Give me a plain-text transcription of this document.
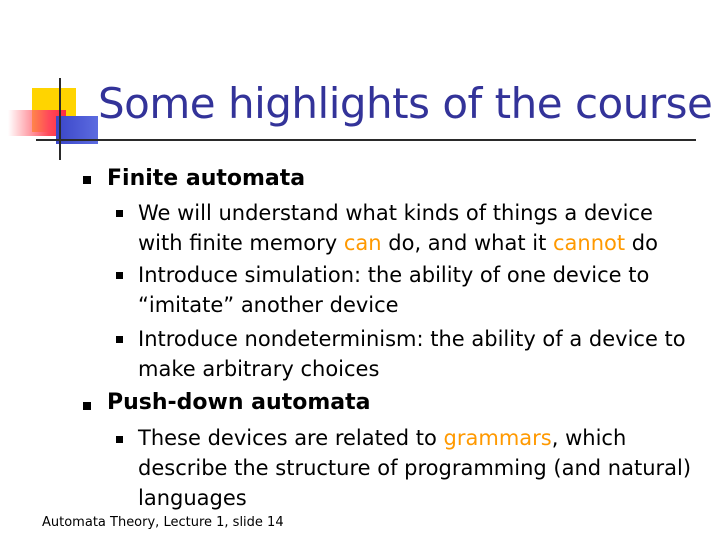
Some highlights of the course
Finite automata
We will understand what kinds of things a device
with finite memory can do, and what it cannot do
Introduce simulation: the ability of one device to
“imitate” another device
Introduce nondeterminism: the ability of a device to
make arbitrary choices
Push-down automata
These devices are related to grammars, which
describe the structure of programming (and natural)
languages
Automata Theory, Lecture 1, slide 14
